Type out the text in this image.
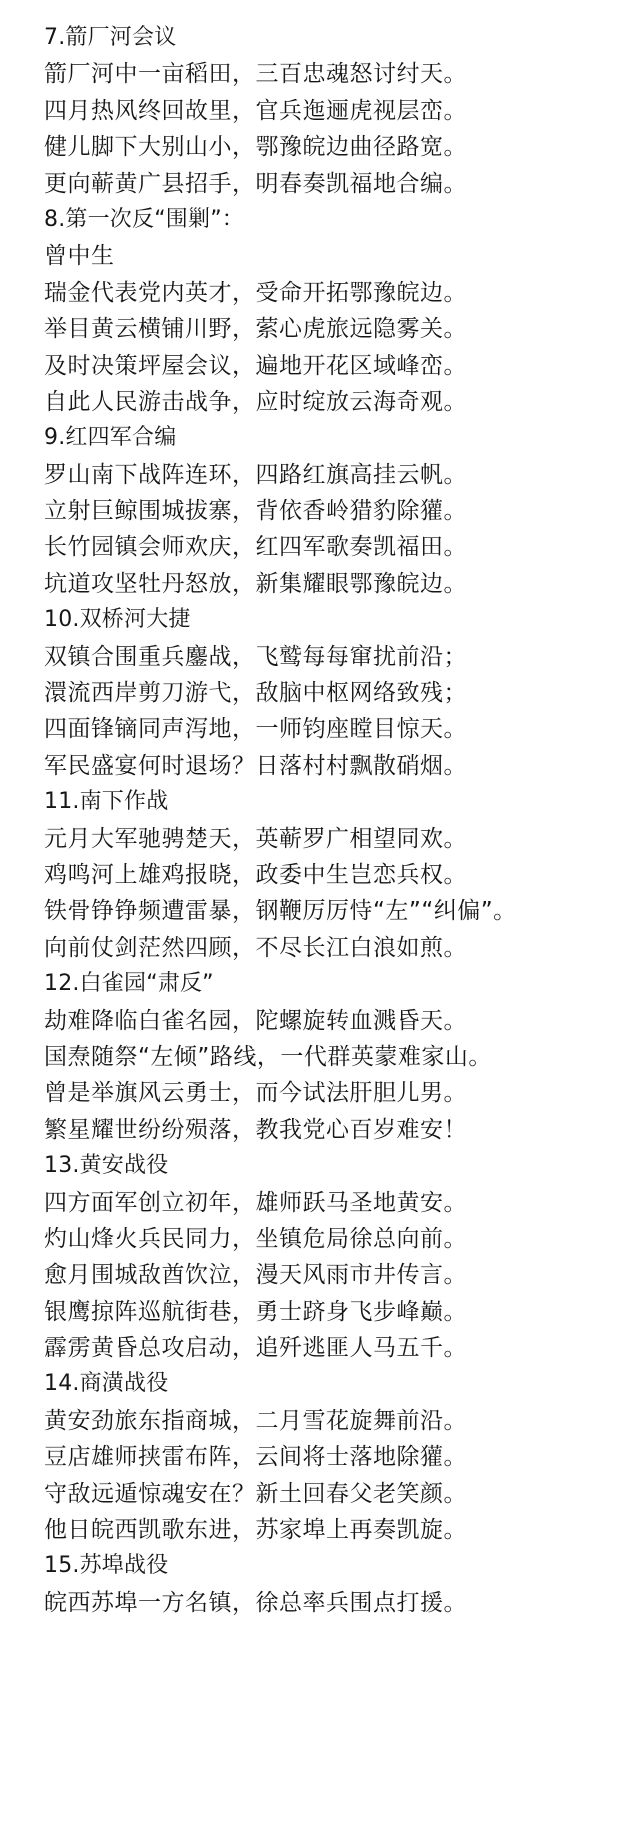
7.箭厂河会议
箭厂河中一亩稻田，三百忠魂怒讨纣天。
四月热风终回故里，官兵迤逦虎视层峦。
健儿脚下大别山小，鄂豫皖边曲径路宽。
更向蕲黄广县招手，明春奏凯福地合编。
8.第一次反“围剿”：
曾中生
瑞金代表党内英才，受命开拓鄂豫皖边。
举目黄云横铺川野，萦心虎旅远隐雾关。
及时决策坪屋会议，遍地开花区域峰峦。
自此人民游击战争，应时绽放云海奇观。
9.红四军合编
罗山南下战阵连环，四路红旗高挂云帆。
立射巨鲸围城拔寨，背依香岭猎豹除獾。
长竹园镇会师欢庆，红四军歌奏凯福田。
坑道攻坚牡丹怒放，新集耀眼鄂豫皖边。
10.双桥河大捷
双镇合围重兵鏖战，飞鹫每每窜扰前沿；
澴流西岸剪刀游弋，敌脑中枢网络致残；
四面锋镝同声泻地，一师钧座瞠目惊天。
军民盛宴何时退场？日落村村飘散硝烟。
11.南下作战
元月大军驰骋楚天，英蕲罗广相望同欢。
鸡鸣河上雄鸡报晓，政委中生岂恋兵权。
铁骨铮铮频遭雷暴，钢鞭厉厉恃“左”“纠偏”。
向前仗剑茫然四顾，不尽长江白浪如煎。
12.白雀园“肃反”
劫难降临白雀名园，陀螺旋转血溅昏天。
国焘随祭“左倾”路线，一代群英蒙难家山。
曾是举旗风云勇士，而今试法肝胆儿男。
繁星耀世纷纷殒落，教我党心百岁难安！
13.黄安战役
四方面军创立初年，雄师跃马圣地黄安。
灼山烽火兵民同力，坐镇危局徐总向前。
愈月围城敌酋饮泣，漫天风雨市井传言。
银鹰掠阵巡航街巷，勇士跻身飞步峰巅。
霹雳黄昏总攻启动，追歼逃匪人马五千。
14.商潢战役
黄安劲旅东指商城，二月雪花旋舞前沿。
豆店雄师挟雷布阵，云间将士落地除獾。
守敌远遁惊魂安在？新土回春父老笑颜。
他日皖西凯歌东进，苏家埠上再奏凯旋。
15.苏埠战役
皖西苏埠一方名镇，徐总率兵围点打援。
